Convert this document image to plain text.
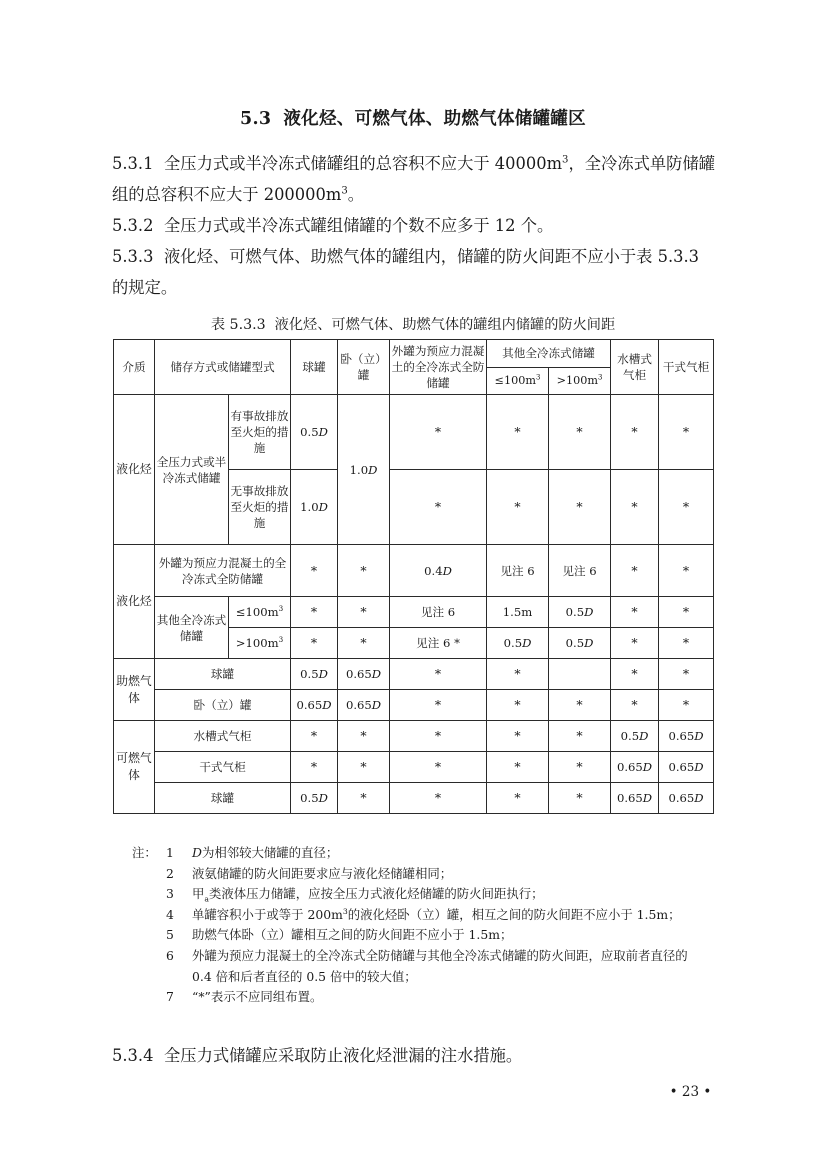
5.3 液化烃、可燃气体、助燃气体储罐罐区

5.3.1 全压力式或半冷冻式储罐组的总容积不应大于 $40000m^3$，全冷冻式单防储罐组的总容积不应大于 $200000m^3$。

5.3.2 全压力式或半冷冻式罐组储罐的个数不应多于 12 个。

5.3.3 液化烃、可燃气体、助燃气体的罐组内，储罐的防火间距不应小于表 5.3.3 的规定。

表 5.3.3 液化烃、可燃气体、助燃气体的罐组内储罐的防火间距
介质	储存方式或储罐型式		球罐	卧（立）罐	外罐为预应力混凝土的全冷冻式全防储罐	其他全冷冻式储罐		水槽式气柜	干式气柜
						$\le 100m^3$	$>100m^3$
液化烃	全压力式或半冷冻式储罐	有事故排放至火炬的措施	0.5D	1.0D	*	*	*	*	*
		无事故排放至火炬的措施	1.0D		*	*	*	*	*
液化烃	外罐为预应力混凝土的全冷冻式全防储罐		*	*	0.4D	见注 6	见注 6	*	*
	其他全冷冻式储罐	$\le 100m^3$	*	*	见注 6	1.5m	0.5D	*	*
		$>100m^3$	*	*	见注 6 *	0.5D	0.5D	*	*
助燃气体	球罐		0.5D	0.65D	*	*		*	*
	卧（立）罐		0.65D	0.65D	*	*	*	*	*
可燃气体	水槽式气柜		*	*	*	*	*	0.5D	0.65D
	干式气柜		*	*	*	*	*	0.65D	0.65D
	球罐		0.5D	*	*	*	*	0.65D	0.65D
注： 1	D为相邻较大储罐的直径；
2	液氨储罐的防火间距要求应与液化烃储罐相同；
3	甲$_a$类液体压力储罐，应按全压力式液化烃储罐的防火间距执行；
4	单罐容积小于或等于 $200m^3$的液化烃卧（立）罐，相互之间的防火间距不应小于 1.5m；
5	助燃气体卧（立）罐相互之间的防火间距不应小于 1.5m；
6	外罐为预应力混凝土的全冷冻式全防储罐与其他全冷冻式储罐的防火间距，应取前者直径的
0.4 倍和后者直径的 0.5 倍中的较大值；
7	“*”表示不应同组布置。

5.3.4 全压力式储罐应采取防止液化烃泄漏的注水措施。

• 23 •
